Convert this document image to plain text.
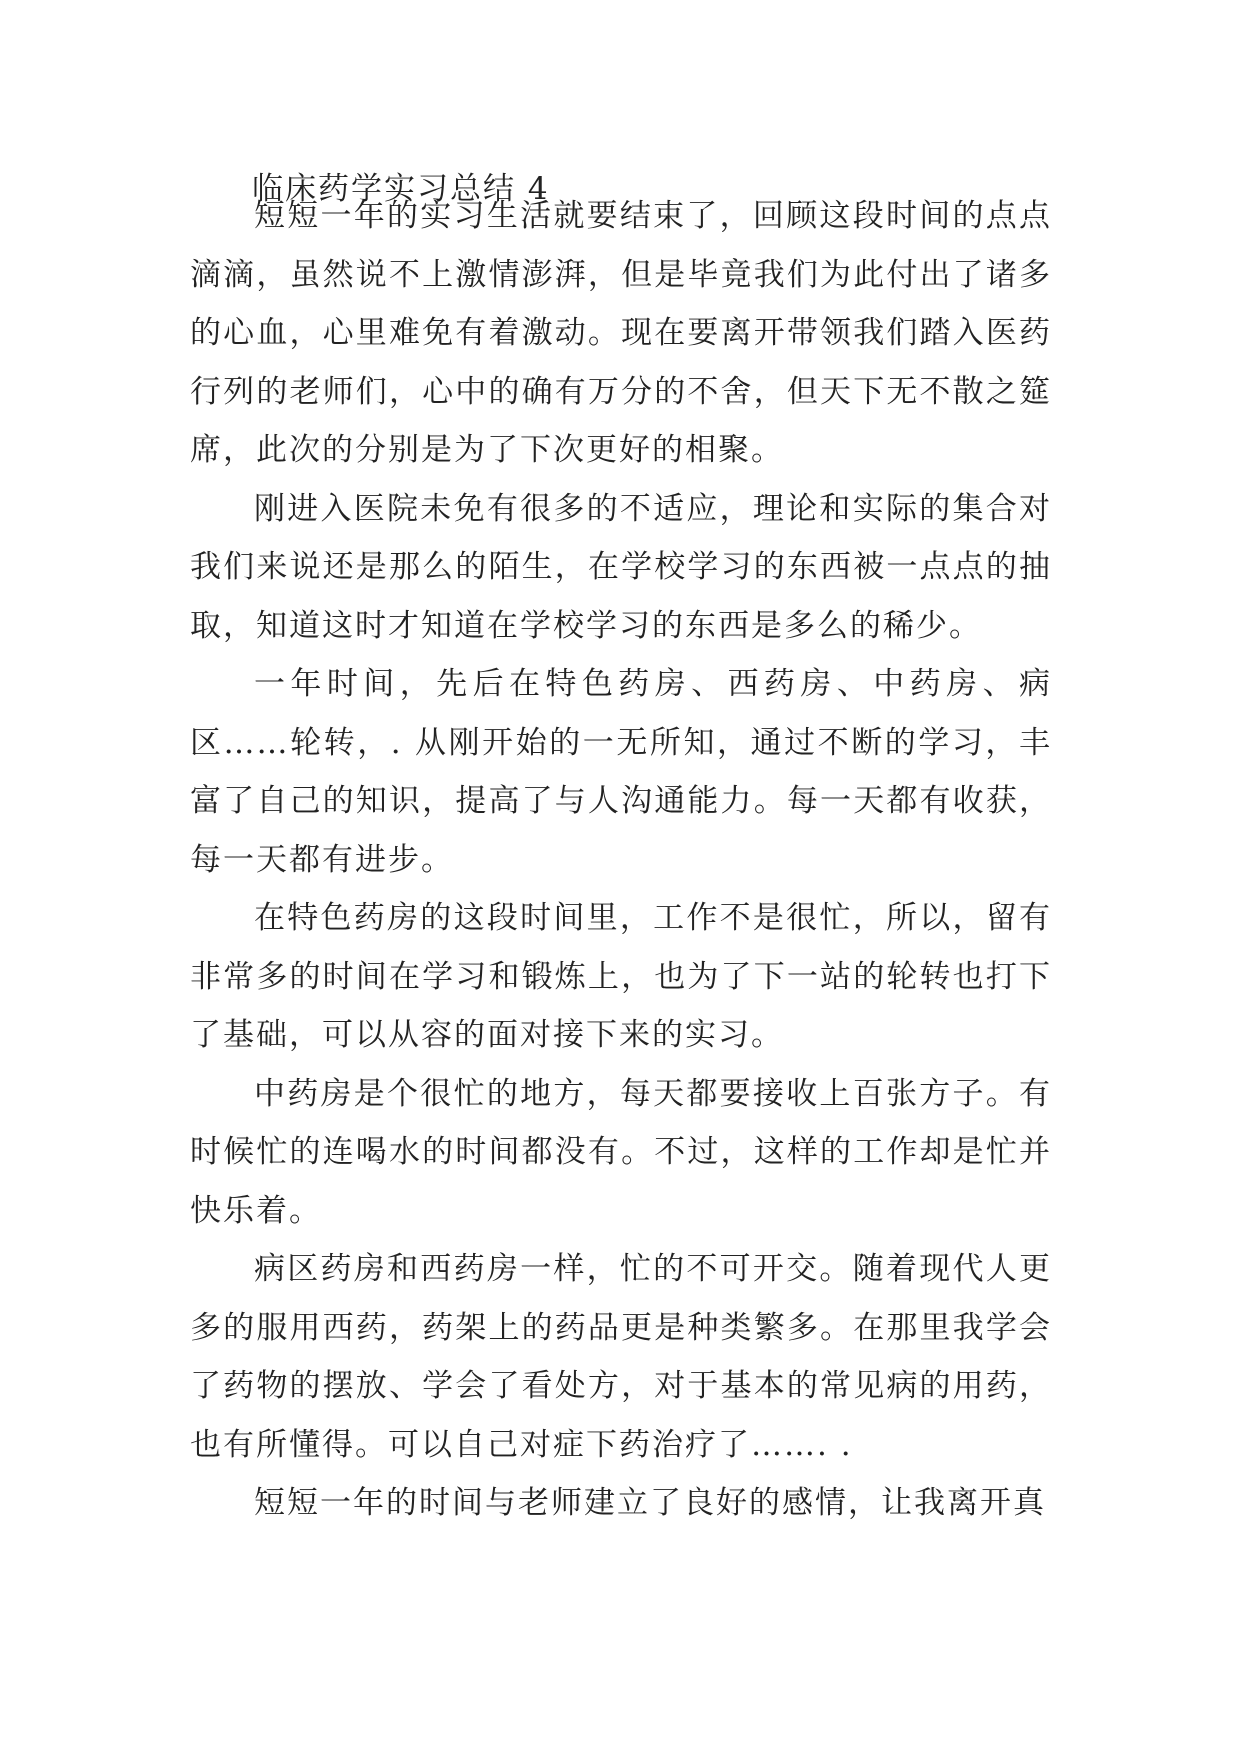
临床药学实习总结 4

短短一年的实习生活就要结束了，回顾这段时间的点点滴滴，虽然说不上激情澎湃，但是毕竟我们为此付出了诸多的心血，心里难免有着激动。现在要离开带领我们踏入医药行列的老师们，心中的确有万分的不舍，但天下无不散之筵席，此次的分别是为了下次更好的相聚。

刚进入医院未免有很多的不适应，理论和实际的集合对我们来说还是那么的陌生，在学校学习的东西被一点点的抽取，知道这时才知道在学校学习的东西是多么的稀少。

一年时间，先后在特色药房、西药房、中药房、病区……轮转，. 从刚开始的一无所知，通过不断的学习，丰富了自己的知识，提高了与人沟通能力。每一天都有收获，每一天都有进步。

在特色药房的这段时间里，工作不是很忙，所以，留有非常多的时间在学习和锻炼上，也为了下一站的轮转也打下了基础，可以从容的面对接下来的实习。

中药房是个很忙的地方，每天都要接收上百张方子。有时候忙的连喝水的时间都没有。不过，这样的工作却是忙并快乐着。

病区药房和西药房一样，忙的不可开交。随着现代人更多的服用西药，药架上的药品更是种类繁多。在那里我学会了药物的摆放、学会了看处方，对于基本的常见病的用药，也有所懂得。可以自己对症下药治疗了……. .

短短一年的时间与老师建立了良好的感情，让我离开真
